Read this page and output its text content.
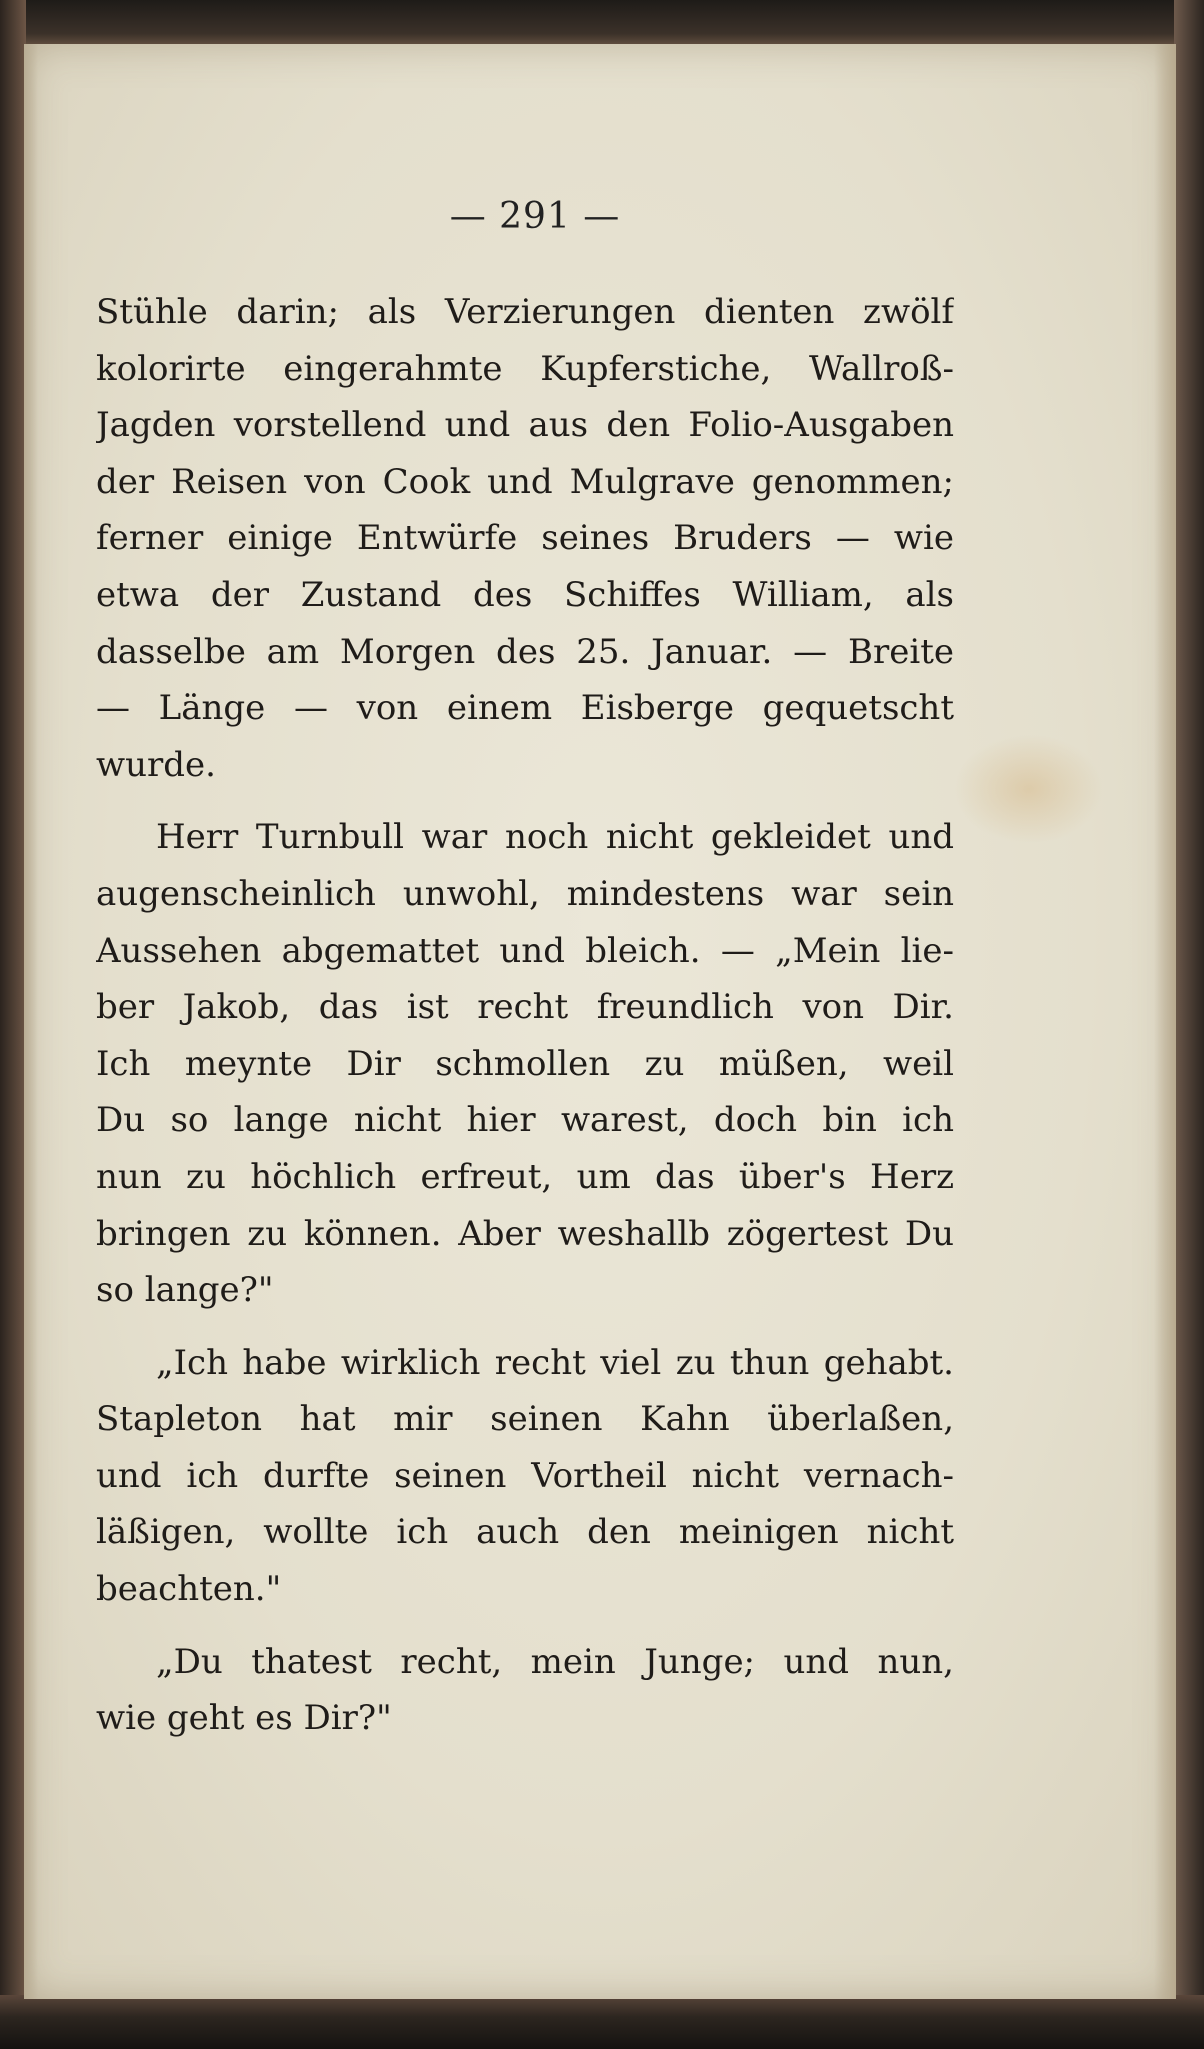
— 291 —
Stühle darin; als Verzierungen dienten zwölf
kolorirte eingerahmte Kupferstiche, Wallroß-
Jagden vorstellend und aus den Folio-Ausgaben
der Reisen von Cook und Mulgrave genommen;
ferner einige Entwürfe seines Bruders — wie
etwa der Zustand des Schiffes William, als
dasselbe am Morgen des 25. Januar. — Breite
— Länge — von einem Eisberge gequetscht
wurde.
Herr Turnbull war noch nicht gekleidet und
augenscheinlich unwohl, mindestens war sein
Aussehen abgemattet und bleich. — „Mein lie-
ber Jakob, das ist recht freundlich von Dir.
Ich meynte Dir schmollen zu müßen, weil
Du so lange nicht hier warest, doch bin ich
nun zu höchlich erfreut, um das über's Herz
bringen zu können. Aber weshallb zögertest Du
so lange?"
„Ich habe wirklich recht viel zu thun gehabt.
Stapleton hat mir seinen Kahn überlaßen,
und ich durfte seinen Vortheil nicht vernach-
läßigen, wollte ich auch den meinigen nicht
beachten."
„Du thatest recht, mein Junge; und nun,
wie geht es Dir?"
